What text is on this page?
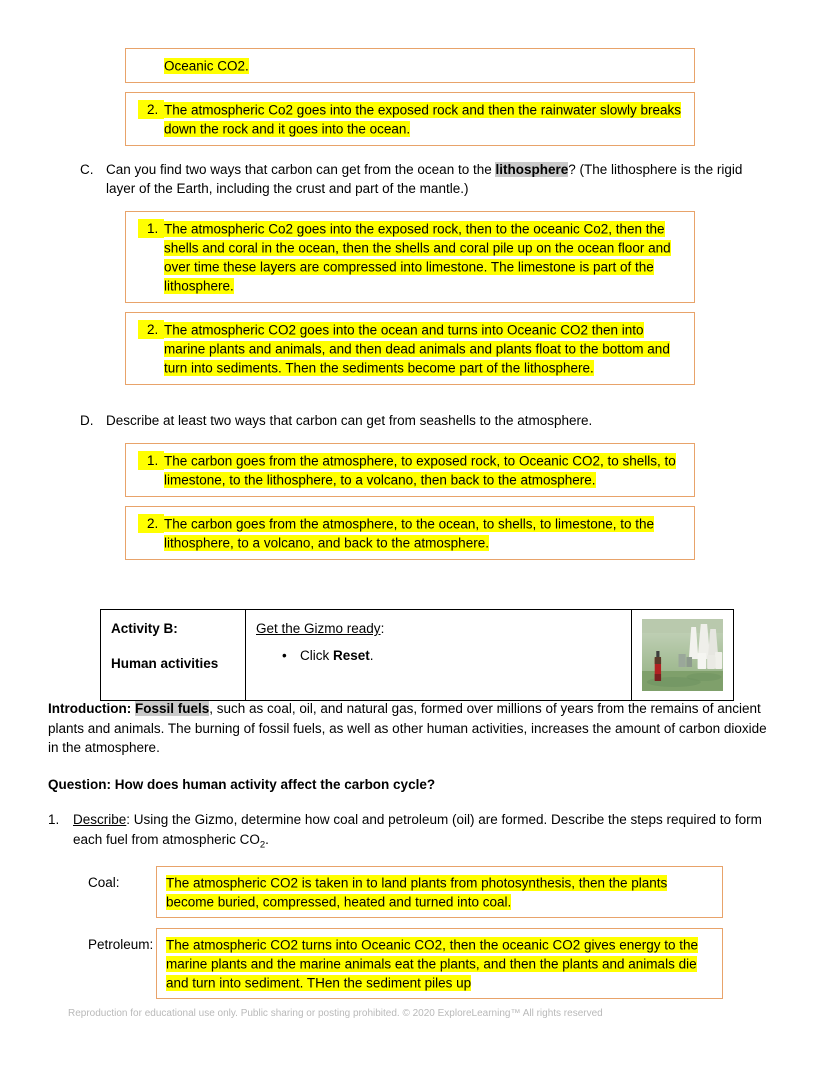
Oceanic CO2.
2. The atmospheric Co2 goes into the exposed rock and then the rainwater slowly breaks down the rock and it goes into the ocean.
C. Can you find two ways that carbon can get from the ocean to the lithosphere? (The lithosphere is the rigid layer of the Earth, including the crust and part of the mantle.)
1. The atmospheric Co2 goes into the exposed rock, then to the oceanic Co2, then the shells and coral in the ocean, then the shells and coral pile up on the ocean floor and over time these layers are compressed into limestone. The limestone is part of the lithosphere.
2. The atmospheric CO2 goes into the ocean and turns into Oceanic CO2 then into marine plants and animals, and then dead animals and plants float to the bottom and turn into sediments. Then the sediments become part of the lithosphere.
D. Describe at least two ways that carbon can get from seashells to the atmosphere.
1. The carbon goes from the atmosphere, to exposed rock, to Oceanic CO2, to shells, to limestone, to the lithosphere, to a volcano, then back to the atmosphere.
2. The carbon goes from the atmosphere, to the ocean, to shells, to limestone, to the lithosphere, to a volcano, and back to the atmosphere.
Activity B:
Human activities

Get the Gizmo ready:
• Click Reset.

Introduction: Fossil fuels, such as coal, oil, and natural gas, formed over millions of years from the remains of ancient plants and animals. The burning of fossil fuels, as well as other human activities, increases the amount of carbon dioxide in the atmosphere.

Question: How does human activity affect the carbon cycle?
1.	Describe: Using the Gizmo, determine how coal and petroleum (oil) are formed. Describe the steps required to form each fuel from atmospheric $CO_2$.
Coal:	The atmospheric CO2 is taken in to land plants from photosynthesis, then the plants become buried, compressed, heated and turned into coal.
Petroleum: The atmospheric CO2 turns into Oceanic CO2, then the oceanic CO2 gives energy to the marine plants and the marine animals eat the plants, and then the plants and animals die and turn into sediment. THen the sediment piles up
Reproduction for educational use only. Public sharing or posting prohibited. © 2020 ExploreLearning™ All rights reserved
